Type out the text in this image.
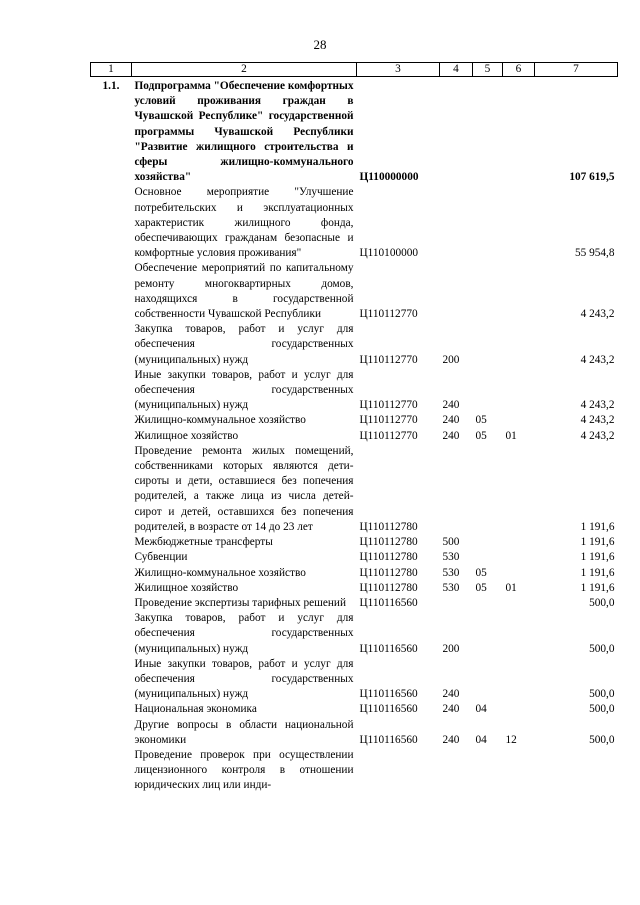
28
1	2	3	4	5	6	7
1.1.	Подпрограмма "Обеспечение комфортных условий проживания граждан в Чувашской Республике" государственной программы Чувашской Республики "Развитие жилищного строительства и сферы жилищно-коммунального хозяйства"	Ц110000000				107 619,5
	Основное мероприятие "Улучшение потребительских и эксплуатационных характеристик жилищного фонда, обеспечивающих гражданам безопасные и комфортные условия проживания"	Ц110100000				55 954,8
	Обеспечение мероприятий по капитальному ремонту многоквартирных домов, находящихся в государственной собственности Чувашской Республики	Ц110112770				4 243,2
	Закупка товаров, работ и услуг для обеспечения государственных (муниципальных) нужд	Ц110112770	200			4 243,2
	Иные закупки товаров, работ и услуг для обеспечения государственных (муниципальных) нужд	Ц110112770	240			4 243,2
	Жилищно-коммунальное хозяйство	Ц110112770	240	05		4 243,2
	Жилищное хозяйство	Ц110112770	240	05	01	4 243,2
	Проведение ремонта жилых помещений, собственниками которых являются дети-сироты и дети, оставшиеся без попечения родителей, а также лица из числа детей-сирот и детей, оставшихся без попечения родителей, в возрасте от 14 до 23 лет	Ц110112780				1 191,6
	Межбюджетные трансферты	Ц110112780	500			1 191,6
	Субвенции	Ц110112780	530			1 191,6
	Жилищно-коммунальное хозяйство	Ц110112780	530	05		1 191,6
	Жилищное хозяйство	Ц110112780	530	05	01	1 191,6
	Проведение экспертизы тарифных решений	Ц110116560				500,0
	Закупка товаров, работ и услуг для обеспечения государственных (муниципальных) нужд	Ц110116560	200			500,0
	Иные закупки товаров, работ и услуг для обеспечения государственных (муниципальных) нужд	Ц110116560	240			500,0
	Национальная экономика	Ц110116560	240	04		500,0
	Другие вопросы в области национальной экономики	Ц110116560	240	04	12	500,0
	Проведение проверок при осуществлении лицензионного контроля в отношении юридических лиц или инди-					
